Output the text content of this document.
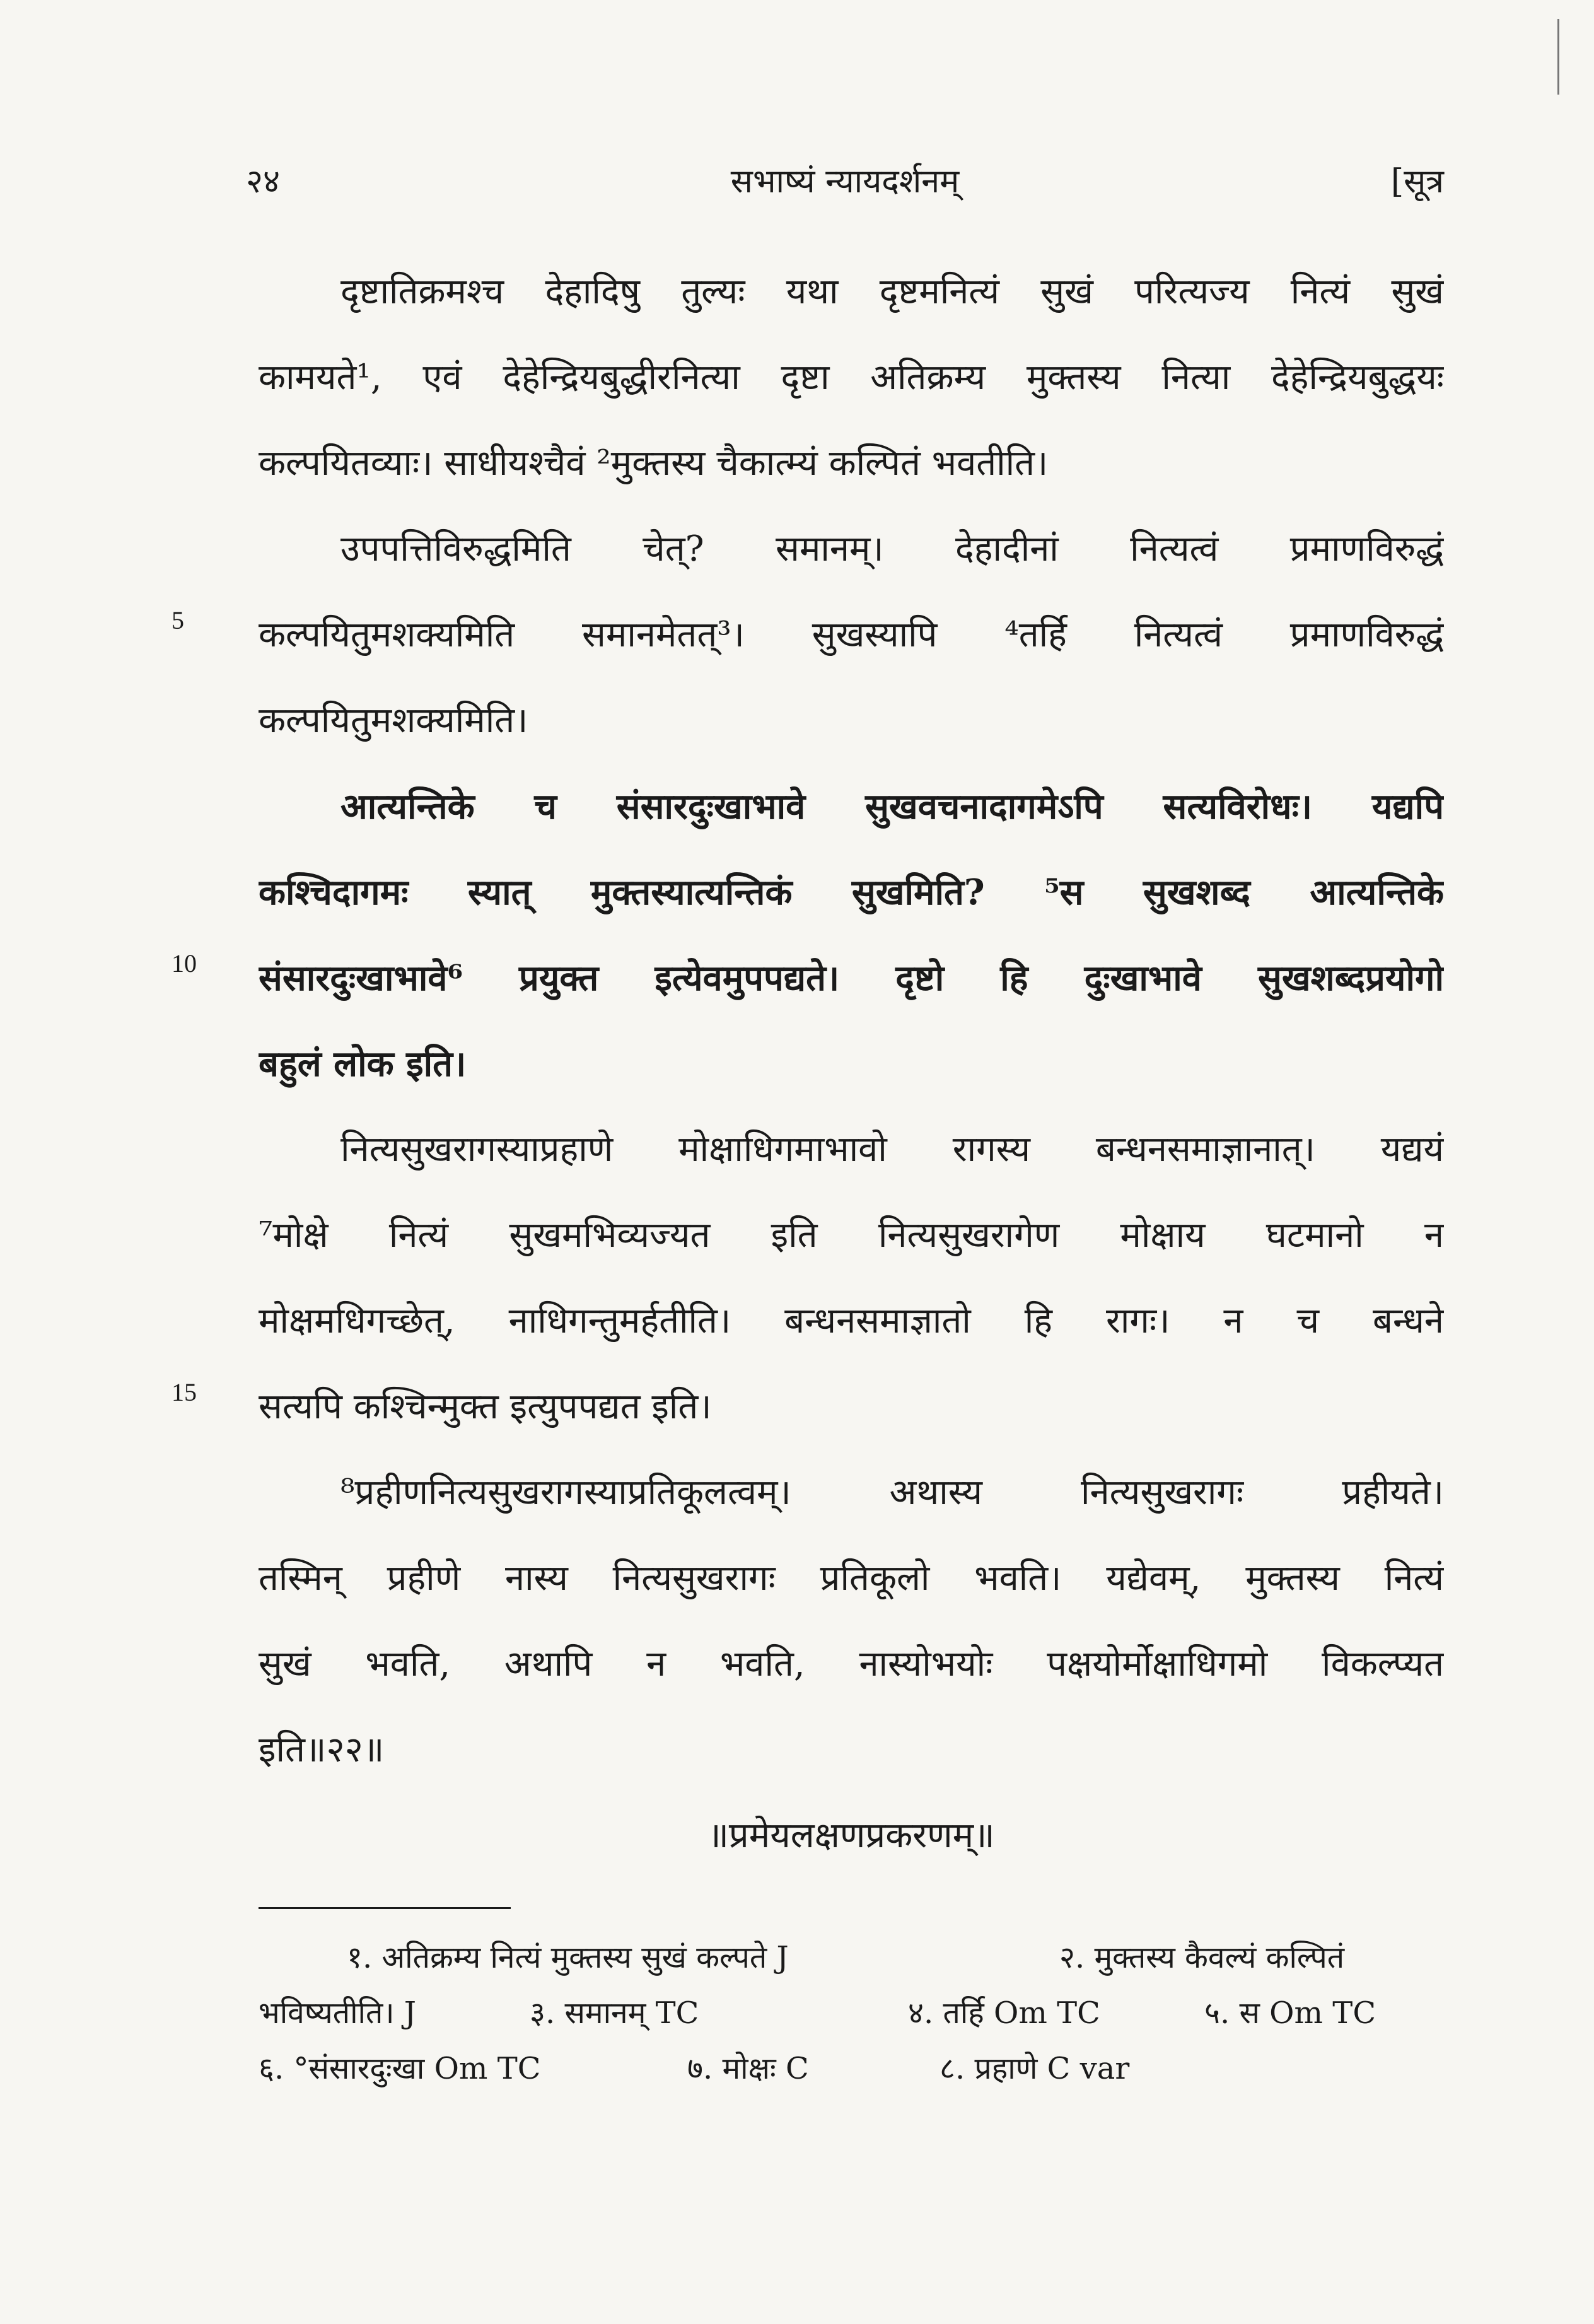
२४	सभाष्यं न्यायदर्शनम्	[सूत्र
5
10
15
दृष्टातिक्रमश्च देहादिषु तुल्यः यथा दृष्टमनित्यं सुखं परित्यज्य नित्यं सुखं
कामयते¹, एवं देहेन्द्रियबुद्धीरनित्या दृष्टा अतिक्रम्य मुक्तस्य नित्या देहेन्द्रियबुद्धयः
कल्पयितव्याः। साधीयश्चैवं ²मुक्तस्य चैकात्म्यं कल्पितं भवतीति।
उपपत्तिविरुद्धमिति चेत्? समानम्। देहादीनां नित्यत्वं प्रमाणविरुद्धं
कल्पयितुमशक्यमिति समानमेतत्³। सुखस्यापि ⁴तर्हि नित्यत्वं प्रमाणविरुद्धं
कल्पयितुमशक्यमिति।
आत्यन्तिके च संसारदुःखाभावे सुखवचनादागमेऽपि सत्यविरोधः। यद्यपि
कश्चिदागमः स्यात् मुक्तस्यात्यन्तिकं सुखमिति? ⁵स सुखशब्द आत्यन्तिके
संसारदुःखाभावे⁶ प्रयुक्त इत्येवमुपपद्यते। दृष्टो हि दुःखाभावे सुखशब्दप्रयोगो
बहुलं लोक इति।
नित्यसुखरागस्याप्रहाणे मोक्षाधिगमाभावो रागस्य बन्धनसमाज्ञानात्। यद्ययं
⁷मोक्षे नित्यं सुखमभिव्यज्यत इति नित्यसुखरागेण मोक्षाय घटमानो न
मोक्षमधिगच्छेत्, नाधिगन्तुमर्हतीति। बन्धनसमाज्ञातो हि रागः। न च बन्धने
सत्यपि कश्चिन्मुक्त इत्युपपद्यत इति।
⁸प्रहीणनित्यसुखरागस्याप्रतिकूलत्वम्। अथास्य नित्यसुखरागः प्रहीयते।
तस्मिन् प्रहीणे नास्य नित्यसुखरागः प्रतिकूलो भवति। यद्येवम्, मुक्तस्य नित्यं
सुखं भवति, अथापि न भवति, नास्योभयोः पक्षयोर्मोक्षाधिगमो विकल्प्यत
इति॥२२॥
॥प्रमेयलक्षणप्रकरणम्॥
१. अतिक्रम्य नित्यं मुक्तस्य सुखं कल्पते J	२. मुक्तस्य कैवल्यं कल्पितं
भविष्यतीति। J	३. समानम् TC	४. तर्हि Om TC	५. स Om TC
६. °संसारदुःखा Om TC	७. मोक्षः C	८. प्रहाणे C var
